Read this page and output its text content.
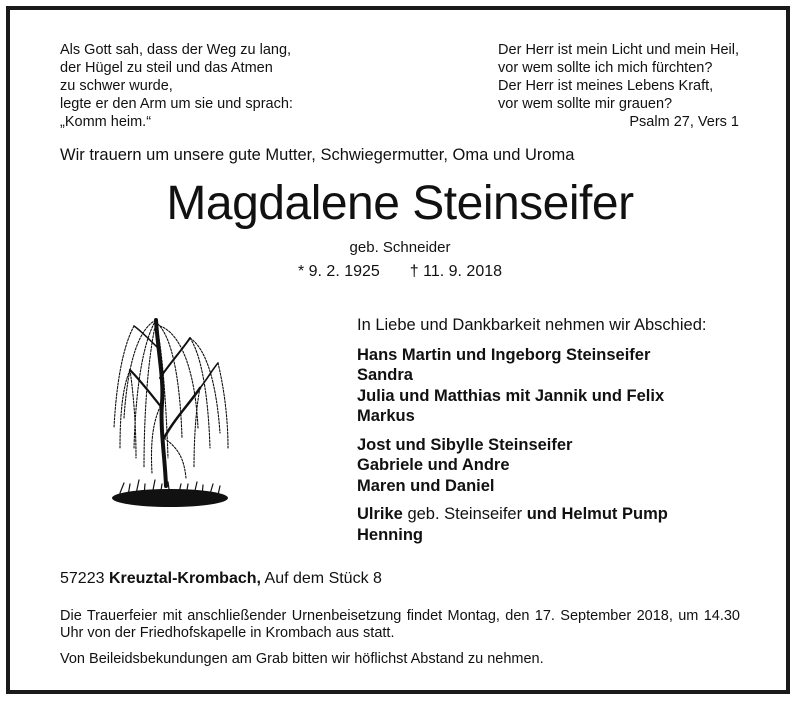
Als Gott sah, dass der Weg zu lang,
der Hügel zu steil und das Atmen
zu schwer wurde,
legte er den Arm um sie und sprach:
„Komm heim.“
Der Herr ist mein Licht und mein Heil,
vor wem sollte ich mich fürchten?
Der Herr ist meines Lebens Kraft,
vor wem sollte mir grauen?
Psalm 27, Vers 1
Wir trauern um unsere gute Mutter, Schwiegermutter, Oma und Uroma
Magdalene Steinseifer
geb. Schneider
* 9. 2. 1925 † 11. 9. 2018
In Liebe und Dankbarkeit nehmen wir Abschied:
Hans Martin und Ingeborg Steinseifer
Sandra
Julia und Matthias mit Jannik und Felix
Markus
Jost und Sibylle Steinseifer
Gabriele und Andre
Maren und Daniel
Ulrike geb. Steinseifer und Helmut Pump
Henning
57223 Kreuztal-Krombach, Auf dem Stück 8
Die Trauerfeier mit anschließender Urnenbeisetzung findet Montag, den 17. September 2018, um 14.30 Uhr von der Friedhofskapelle in Krombach aus statt.
Von Beileidsbekundungen am Grab bitten wir höflichst Abstand zu nehmen.
